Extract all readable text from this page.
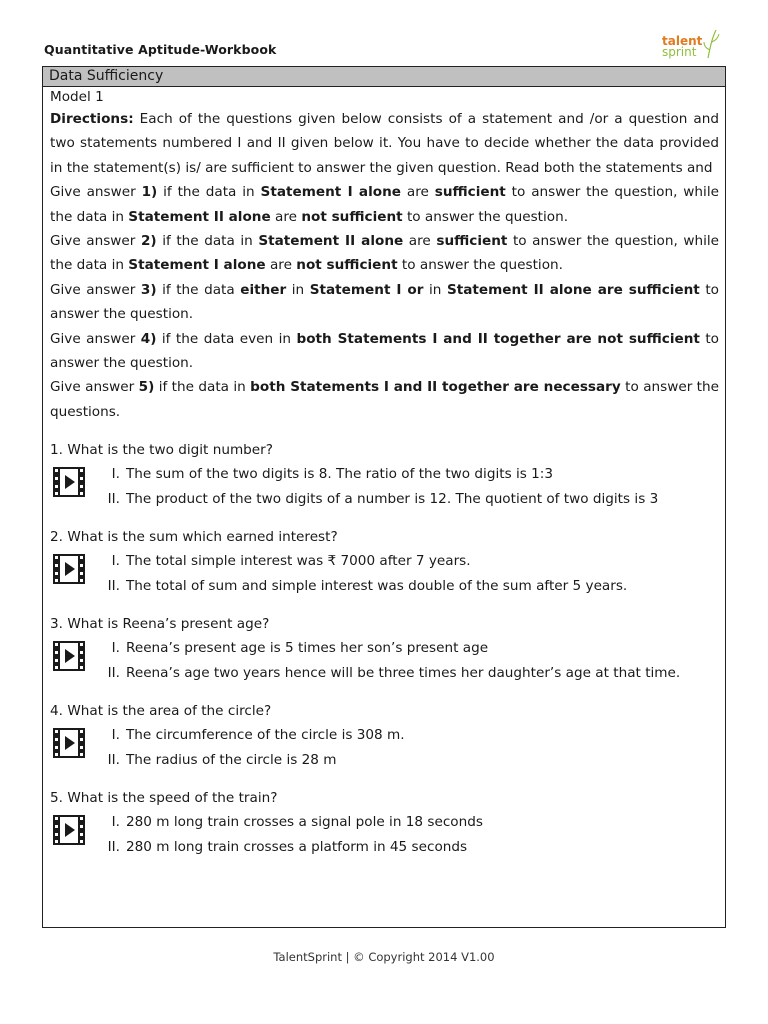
Quantitative Aptitude-Workbook
talent
sprint
Data Sufficiency
Model 1
Directions: Each of the questions given below consists of a statement and /or a question and two statements numbered I and II given below it. You have to decide whether the data provided in the statement(s) is/ are sufficient to answer the given question. Read both the statements and
Give answer 1) if the data in Statement I alone are sufficient to answer the question, while the data in Statement II alone are not sufficient to answer the question.
Give answer 2) if the data in Statement II alone are sufficient to answer the question, while the data in Statement I alone are not sufficient to answer the question.
Give answer 3) if the data either in Statement I or in Statement II alone are sufficient to answer the question.
Give answer 4) if the data even in both Statements I and II together are not sufficient to answer the question.
Give answer 5) if the data in both Statements I and II together are necessary to answer the questions.
1. What is the two digit number?
I. The sum of the two digits is 8. The ratio of the two digits is 1:3
II. The product of the two digits of a number is 12. The quotient of two digits is 3
2. What is the sum which earned interest?
I. The total simple interest was ₹ 7000 after 7 years.
II. The total of sum and simple interest was double of the sum after 5 years.
3. What is Reena’s present age?
I. Reena’s present age is 5 times her son’s present age
II. Reena’s age two years hence will be three times her daughter’s age at that time.
4. What is the area of the circle?
I. The circumference of the circle is 308 m.
II. The radius of the circle is 28 m
5. What is the speed of the train?
I. 280 m long train crosses a signal pole in 18 seconds
II. 280 m long train crosses a platform in 45 seconds
TalentSprint | © Copyright 2014 V1.00
